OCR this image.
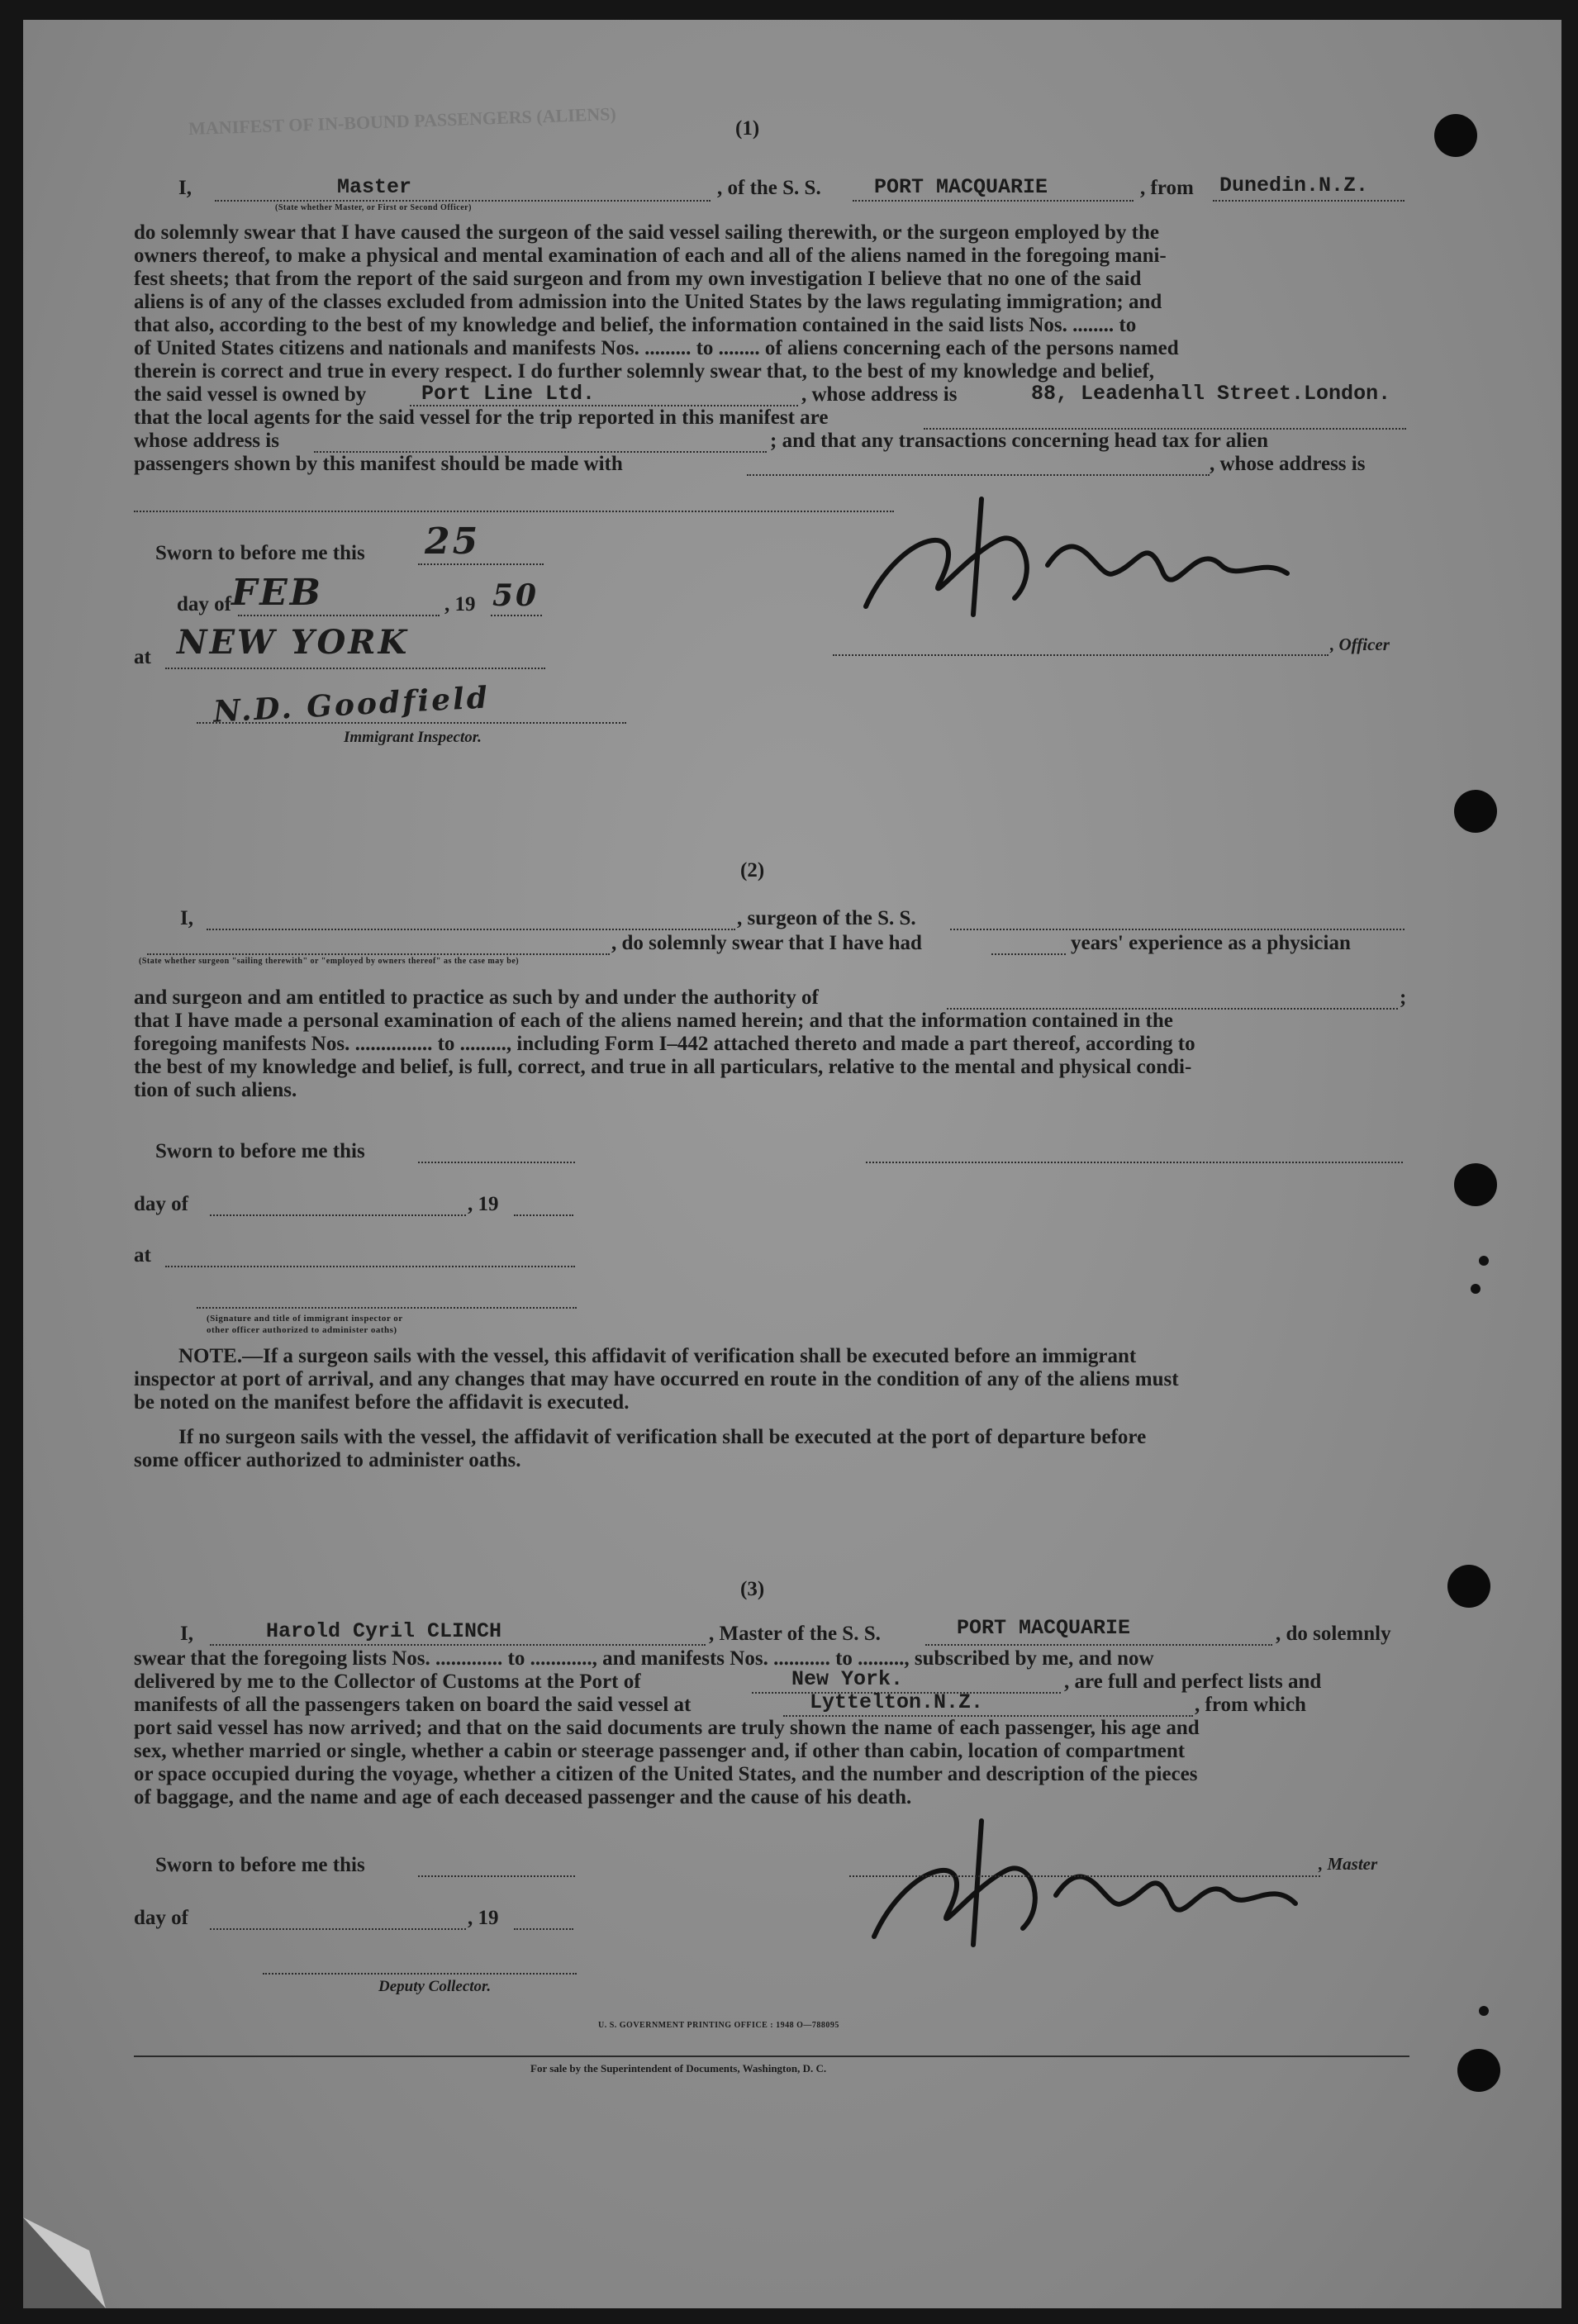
MANIFEST OF IN-BOUND PASSENGERS (ALIENS)	(1)
I,	Master	, of the S. S.	PORT MACQUARIE	, from Dunedin.N.Z.
(State whether Master, or First or Second Officer)
do solemnly swear that I have caused the surgeon of the said vessel sailing therewith, or the surgeon employed by the
owners thereof, to make a physical and mental examination of each and all of the aliens named in the foregoing mani-
fest sheets; that from the report of the said surgeon and from my own investigation I believe that no one of the said
aliens is of any of the classes excluded from admission into the United States by the laws regulating immigration; and
that also, according to the best of my knowledge and belief, the information contained in the said lists Nos. ........ to
of United States citizens and nationals and manifests Nos. ......... to ........ of aliens concerning each of the persons named
therein is correct and true in every respect. I do further solemnly swear that, to the best of my knowledge and belief,
the said vessel is owned by	Port Line Ltd.	, whose address is	88, Leadenhall Street.London.
that the local agents for the said vessel for the trip reported in this manifest are
whose address is	; and that any transactions concerning head tax for alien
passengers shown by this manifest should be made with	, whose address is
Sworn to before me this 25
day of FEB	, 19 50
at NEW YORK
N.D. Goodfield
Immigrant Inspector.
, Officer
(2)
I,	, surgeon of the S. S.
, do solemnly swear that I have had	years' experience as a physician
(State whether surgeon "sailing therewith" or "employed by owners thereof" as the case may be)
and surgeon and am entitled to practice as such by and under the authority of	;
that I have made a personal examination of each of the aliens named herein; and that the information contained in the
foregoing manifests Nos. ............... to ........., including Form I–442 attached thereto and made a part thereof, according to
the best of my knowledge and belief, is full, correct, and true in all particulars, relative to the mental and physical condi-
tion of such aliens.
Sworn to before me this
day of	, 19
at
(Signature and title of immigrant inspector or
other officer authorized to administer oaths)
NOTE.—If a surgeon sails with the vessel, this affidavit of verification shall be executed before an immigrant
inspector at port of arrival, and any changes that may have occurred en route in the condition of any of the aliens must
be noted on the manifest before the affidavit is executed.
If no surgeon sails with the vessel, the affidavit of verification shall be executed at the port of departure before
some officer authorized to administer oaths.
(3)
I,	Harold Cyril CLINCH	, Master of the S. S.	PORT MACQUARIE	, do solemnly
swear that the foregoing lists Nos. ............. to ............, and manifests Nos. ........... to ........., subscribed by me, and now
delivered by me to the Collector of Customs at the Port of	New York.	, are full and perfect lists and
manifests of all the passengers taken on board the said vessel at	Lyttelton.N.Z.	, from which
port said vessel has now arrived; and that on the said documents are truly shown the name of each passenger, his age and
sex, whether married or single, whether a cabin or steerage passenger and, if other than cabin, location of compartment
or space occupied during the voyage, whether a citizen of the United States, and the number and description of the pieces
of baggage, and the name and age of each deceased passenger and the cause of his death.
Sworn to before me this	, Master
day of	, 19
Deputy Collector.
U. S. GOVERNMENT PRINTING OFFICE : 1948 O—788095
For sale by the Superintendent of Documents, Washington, D. C.
